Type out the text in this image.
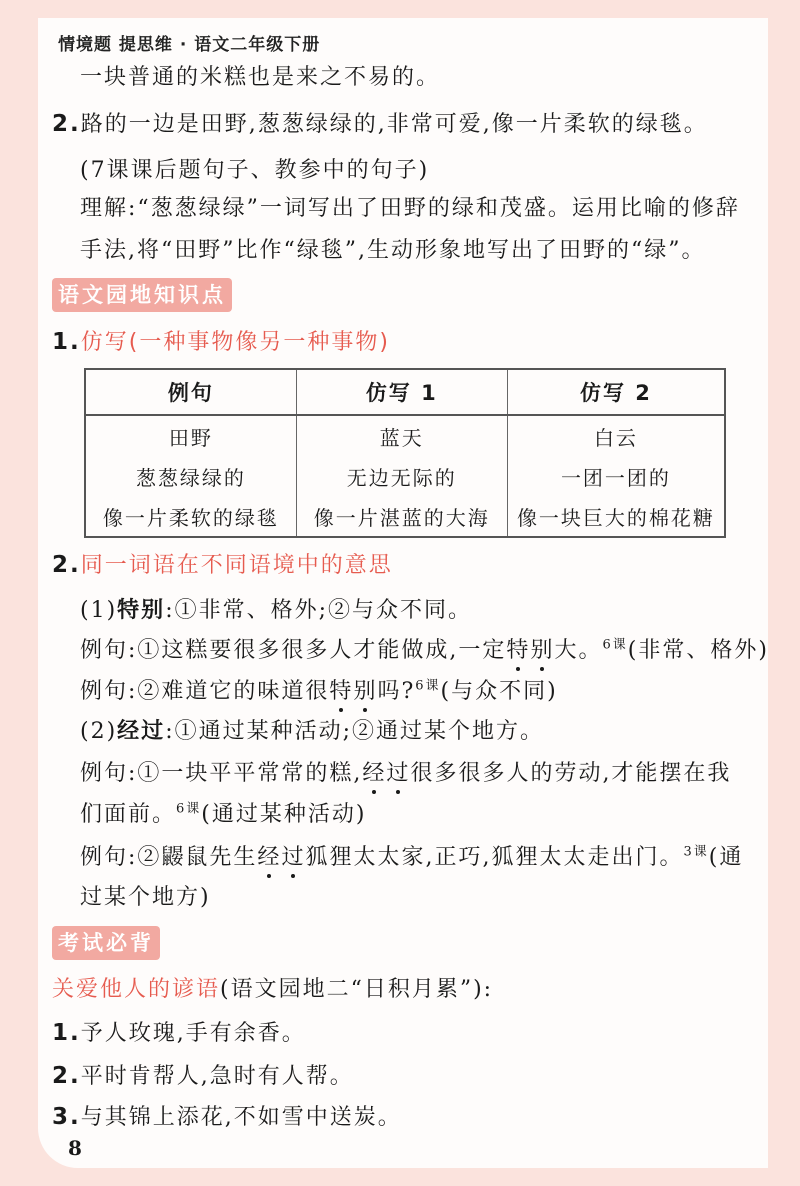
情境题 提思维 · 语文二年级下册
一块普通的米糕也是来之不易的。
2.路的一边是田野,葱葱绿绿的,非常可爱,像一片柔软的绿毯。
(7课课后题句子、教参中的句子)
理解:“葱葱绿绿”一词写出了田野的绿和茂盛。运用比喻的修辞
手法,将“田野”比作“绿毯”,生动形象地写出了田野的“绿”。
语文园地知识点
1.仿写(一种事物像另一种事物)
例句	仿写 1	仿写 2
田野	蓝天	白云
葱葱绿绿的	无边无际的	一团一团的
像一片柔软的绿毯	像一片湛蓝的大海	像一块巨大的棉花糖
2.同一词语在不同语境中的意思
(1)特别:①非常、格外;②与众不同。
例句:①这糕要很多很多人才能做成,一定特别大。$^{6课}$(非常、格外)
例句:②难道它的味道很特别吗?$^{6课}$(与众不同)
(2)经过:①通过某种活动;②通过某个地方。
例句:①一块平平常常的糕,经过很多很多人的劳动,才能摆在我
们面前。$^{6课}$(通过某种活动)
例句:②鼹鼠先生经过狐狸太太家,正巧,狐狸太太走出门。$^{3课}$(通
过某个地方)
考试必背
关爱他人的谚语(语文园地二“日积月累”):
1.予人玫瑰,手有余香。
2.平时肯帮人,急时有人帮。
3.与其锦上添花,不如雪中送炭。
8
